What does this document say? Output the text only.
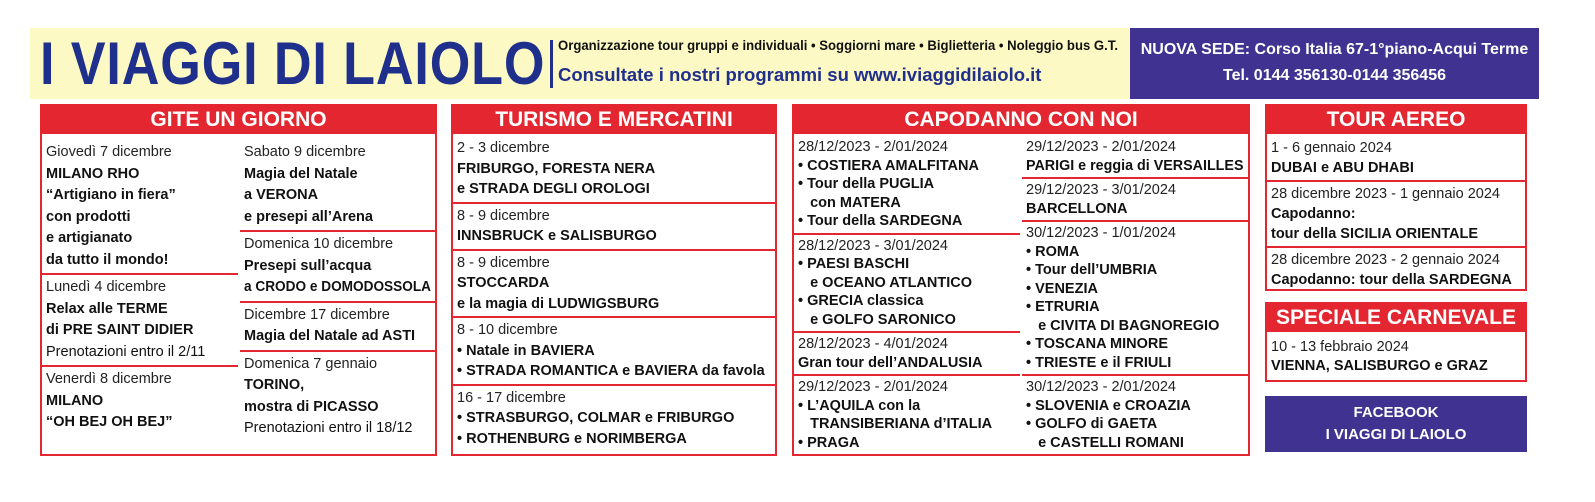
I VIAGGI DI LAIOLO Organizzazione tour gruppi e individuali • Soggiorni mare • Biglietteria • Noleggio bus G.T.
Consultate i nostri programmi su www.iviaggidilaiolo.it
NUOVA SEDE: Corso Italia 67-1°piano-Acqui Terme
Tel. 0144 356130-0144 356456
GITE UN GIORNO
Giovedì 7 dicembre
MILANO RHO
“Artigiano in fiera”
con prodotti
e artigianato
da tutto il mondo!
Lunedì 4 dicembre
Relax alle TERME
di PRE SAINT DIDIER
Prenotazioni entro il 2/11
Venerdì 8 dicembre
MILANO
“OH BEJ OH BEJ”
Sabato 9 dicembre
Magia del Natale
a VERONA
e presepi all’Arena
Domenica 10 dicembre
Presepi sull’acqua
a CRODO e DOMODOSSOLA
Dicembre 17 dicembre
Magia del Natale ad ASTI
Domenica 7 gennaio
TORINO,
mostra di PICASSO
Prenotazioni entro il 18/12
TURISMO E MERCATINI NATALE
2 - 3 dicembre
FRIBURGO, FORESTA NERA
e STRADA DEGLI OROLOGI
8 - 9 dicembre
INNSBRUCK e SALISBURGO
8 - 9 dicembre
STOCCARDA
e la magia di LUDWIGSBURG
8 - 10 dicembre
• Natale in BAVIERA
• STRADA ROMANTICA e BAVIERA da favola
16 - 17 dicembre
• STRASBURGO, COLMAR e FRIBURGO
• ROTHENBURG e NORIMBERGA
CAPODANNO CON NOI
28/12/2023 - 2/01/2024
• COSTIERA AMALFITANA
• Tour della PUGLIA
con MATERA
• Tour della SARDEGNA
28/12/2023 - 3/01/2024
• PAESI BASCHI
e OCEANO ATLANTICO
• GRECIA classica
e GOLFO SARONICO
28/12/2023 - 4/01/2024
Gran tour dell’ANDALUSIA
29/12/2023 - 2/01/2024
• L’AQUILA con la
TRANSIBERIANA d’ITALIA
• PRAGA
29/12/2023 - 2/01/2024
PARIGI e reggia di VERSAILLES
29/12/2023 - 3/01/2024
BARCELLONA
30/12/2023 - 1/01/2024
• ROMA
• Tour dell’UMBRIA
• VENEZIA
• ETRURIA
e CIVITA DI BAGNOREGIO
• TOSCANA MINORE
• TRIESTE e il FRIULI
30/12/2023 - 2/01/2024
• SLOVENIA e CROAZIA
• GOLFO di GAETA
e CASTELLI ROMANI
TOUR AEREO
1 - 6 gennaio 2024
DUBAI e ABU DHABI
28 dicembre 2023 - 1 gennaio 2024
Capodanno:
tour della SICILIA ORIENTALE
28 dicembre 2023 - 2 gennaio 2024
Capodanno: tour della SARDEGNA
SPECIALE CARNEVALE
10 - 13 febbraio 2024
VIENNA, SALISBURGO e GRAZ
FACEBOOK
I VIAGGI DI LAIOLO
